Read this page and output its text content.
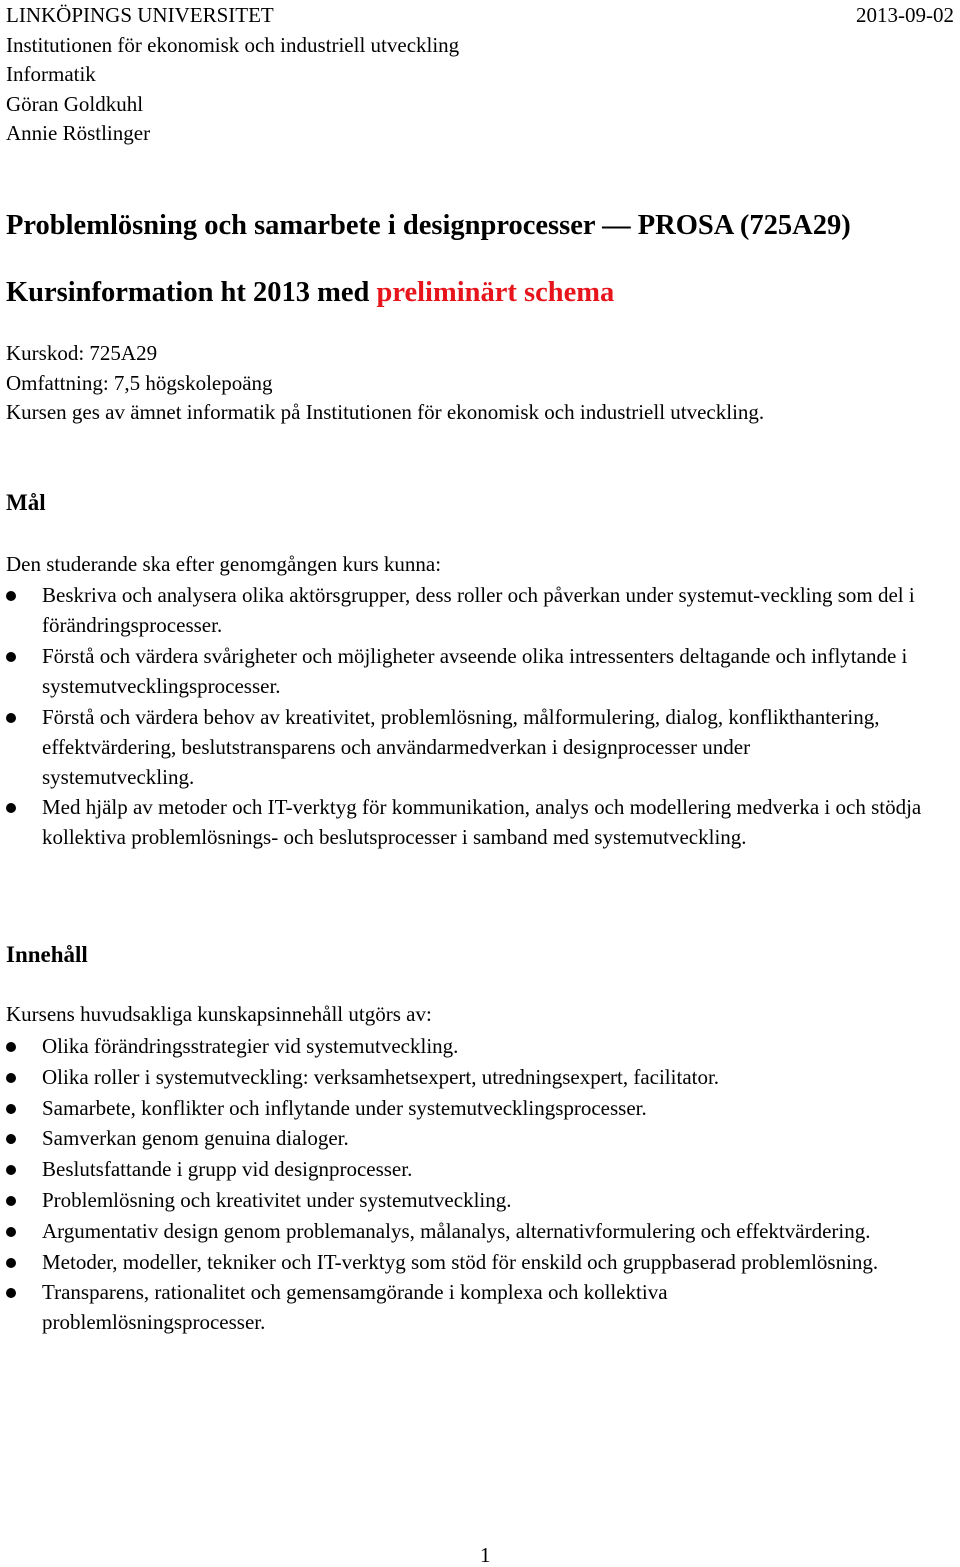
LINKÖPINGS UNIVERSITET
Institutionen för ekonomisk och industriell utveckling
Informatik
Göran Goldkuhl
Annie Röstlinger
2013-09-02
Problemlösning och samarbete i designprocesser — PROSA (725A29)
Kursinformation ht 2013 med preliminärt schema
Kurskod: 725A29
Omfattning: 7,5 högskolepoäng
Kursen ges av ämnet informatik på Institutionen för ekonomisk och industriell utveckling.
Mål
Den studerande ska efter genomgången kurs kunna:
Beskriva och analysera olika aktörsgrupper, dess roller och påverkan under systemut-veckling som del i förändringsprocesser.
Förstå och värdera svårigheter och möjligheter avseende olika intressenters deltagande och inflytande i systemutvecklingsprocesser.
Förstå och värdera behov av kreativitet, problemlösning, målformulering, dialog, konflikthantering, effektvärdering, beslutstransparens och användarmedverkan i designprocesser under systemutveckling.
Med hjälp av metoder och IT-verktyg för kommunikation, analys och modellering medverka i och stödja kollektiva problemlösnings- och beslutsprocesser i samband med systemutveckling.
Innehåll
Kursens huvudsakliga kunskapsinnehåll utgörs av:
Olika förändringsstrategier vid systemutveckling.
Olika roller i systemutveckling: verksamhetsexpert, utredningsexpert, facilitator.
Samarbete, konflikter och inflytande under systemutvecklingsprocesser.
Samverkan genom genuina dialoger.
Beslutsfattande i grupp vid designprocesser.
Problemlösning och kreativitet under systemutveckling.
Argumentativ design genom problemanalys, målanalys, alternativformulering och effektvärdering.
Metoder, modeller, tekniker och IT-verktyg som stöd för enskild och gruppbaserad problemlösning.
Transparens, rationalitet och gemensamgörande i komplexa och kollektiva problemlösningsprocesser.
1
